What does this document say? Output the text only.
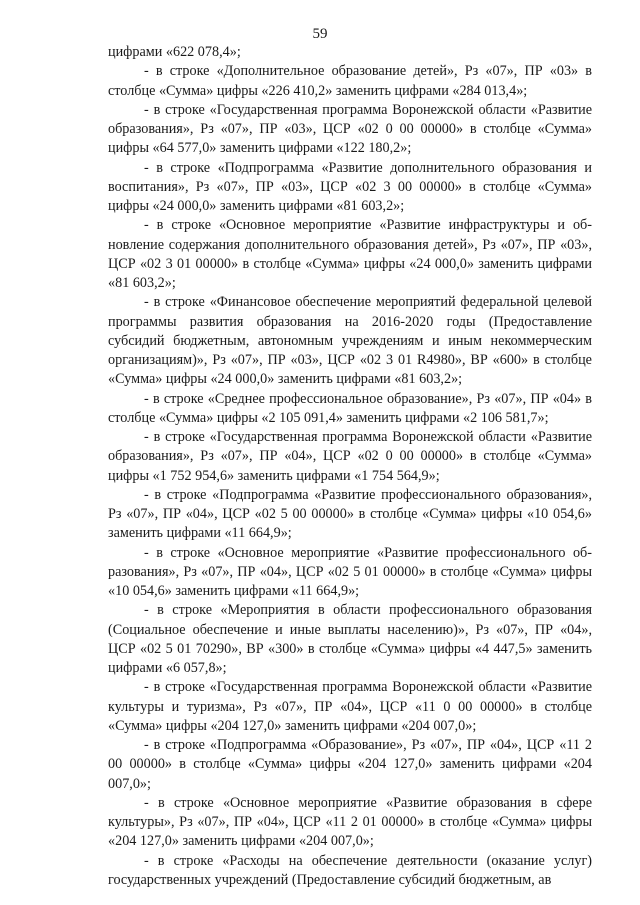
59

цифрами «622 078,4»;

- в строке «Дополнительное образование детей», Рз «07», ПР «03» в столбце «Сумма» цифры «226 410,2» заменить цифрами «284 013,4»;

- в строке «Государственная программа Воронежской области «Развитие образования», Рз «07», ПР «03», ЦСР «02 0 00 00000» в столбце «Сумма» цифры «64 577,0» заменить цифрами «122 180,2»;

- в строке «Подпрограмма «Развитие дополнительного образования и воспитания», Рз «07», ПР «03», ЦСР «02 3 00 00000» в столбце «Сумма» цифры «24 000,0» заменить цифрами «81 603,2»;

- в строке «Основное мероприятие «Развитие инфраструктуры и обновление содержания дополнительного образования детей», Рз «07», ПР «03», ЦСР «02 3 01 00000» в столбце «Сумма» цифры «24 000,0» заменить цифрами «81 603,2»;

- в строке «Финансовое обеспечение мероприятий федеральной целевой программы развития образования на 2016-2020 годы (Предоставление субсидий бюджетным, автономным учреждениям и иным некоммерческим организациям)», Рз «07», ПР «03», ЦСР «02 3 01 R4980», ВР «600» в столбце «Сумма» цифры «24 000,0» заменить цифрами «81 603,2»;

- в строке «Среднее профессиональное образование», Рз «07», ПР «04» в столбце «Сумма» цифры «2 105 091,4» заменить цифрами «2 106 581,7»;

- в строке «Государственная программа Воронежской области «Развитие образования», Рз «07», ПР «04», ЦСР «02 0 00 00000» в столбце «Сумма» цифры «1 752 954,6» заменить цифрами «1 754 564,9»;

- в строке «Подпрограмма «Развитие профессионального образования», Рз «07», ПР «04», ЦСР «02 5 00 00000» в столбце «Сумма» цифры «10 054,6» заменить цифрами «11 664,9»;

- в строке «Основное мероприятие «Развитие профессионального образования», Рз «07», ПР «04», ЦСР «02 5 01 00000» в столбце «Сумма» цифры «10 054,6» заменить цифрами «11 664,9»;

- в строке «Мероприятия в области профессионального образования (Социальное обеспечение и иные выплаты населению)», Рз «07», ПР «04», ЦСР «02 5 01 70290», ВР «300» в столбце «Сумма» цифры «4 447,5» заменить цифрами «6 057,8»;

- в строке «Государственная программа Воронежской области «Развитие культуры и туризма», Рз «07», ПР «04», ЦСР «11 0 00 00000» в столбце «Сумма» цифры «204 127,0» заменить цифрами «204 007,0»;

- в строке «Подпрограмма «Образование», Рз «07», ПР «04», ЦСР «11 2 00 00000» в столбце «Сумма» цифры «204 127,0» заменить цифрами «204 007,0»;

- в строке «Основное мероприятие «Развитие образования в сфере культуры», Рз «07», ПР «04», ЦСР «11 2 01 00000» в столбце «Сумма» цифры «204 127,0» заменить цифрами «204 007,0»;

- в строке «Расходы на обеспечение деятельности (оказание услуг) государственных учреждений (Предоставление субсидий бюджетным, ав
